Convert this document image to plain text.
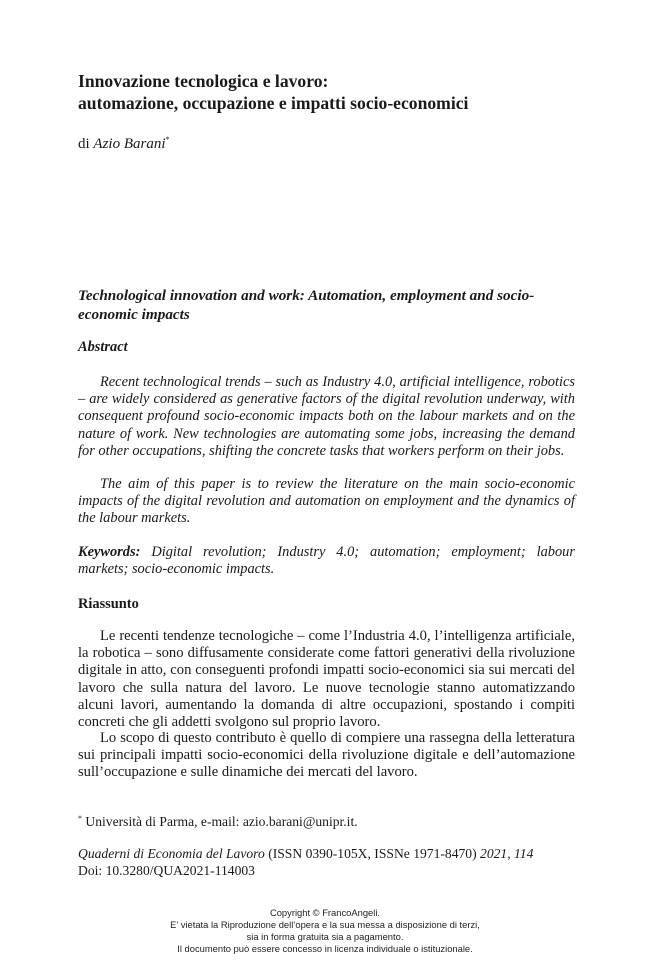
Innovazione tecnologica e lavoro:
automazione, occupazione e impatti socio-economici
di Azio Barani*
Technological innovation and work: Automation, employment and socio-economic impacts
Abstract
Recent technological trends – such as Industry 4.0, artificial intelligence, robotics – are widely considered as generative factors of the digital revolution underway, with consequent profound socio-economic impacts both on the labour markets and on the nature of work. New technologies are automating some jobs, increasing the demand for other occupations, shifting the concrete tasks that workers perform on their jobs.
The aim of this paper is to review the literature on the main socio-economic impacts of the digital revolution and automation on employment and the dynamics of the labour markets.
Keywords: Digital revolution; Industry 4.0; automation; employment; labour markets; socio-economic impacts.
Riassunto
Le recenti tendenze tecnologiche – come l’Industria 4.0, l’intelligenza artificiale, la robotica – sono diffusamente considerate come fattori generativi della rivoluzione digitale in atto, con conseguenti profondi impatti socio-economici sia sui mercati del lavoro che sulla natura del lavoro. Le nuove tecnologie stanno automatizzando alcuni lavori, aumentando la domanda di altre occupazioni, spostando i compiti concreti che gli addetti svolgono sul proprio lavoro.
Lo scopo di questo contributo è quello di compiere una rassegna della letteratura sui principali impatti socio-economici della rivoluzione digitale e dell’automazione sull’occupazione e sulle dinamiche dei mercati del lavoro.
* Università di Parma, e-mail: azio.barani@unipr.it.
Quaderni di Economia del Lavoro (ISSN 0390-105X, ISSNe 1971-8470) 2021, 114
Doi: 10.3280/QUA2021-114003
Copyright © FrancoAngeli.
E’ vietata la Riproduzione dell’opera e la sua messa a disposizione di terzi,
sia in forma gratuita sia a pagamento.
Il documento può essere concesso in licenza individuale o istituzionale.
